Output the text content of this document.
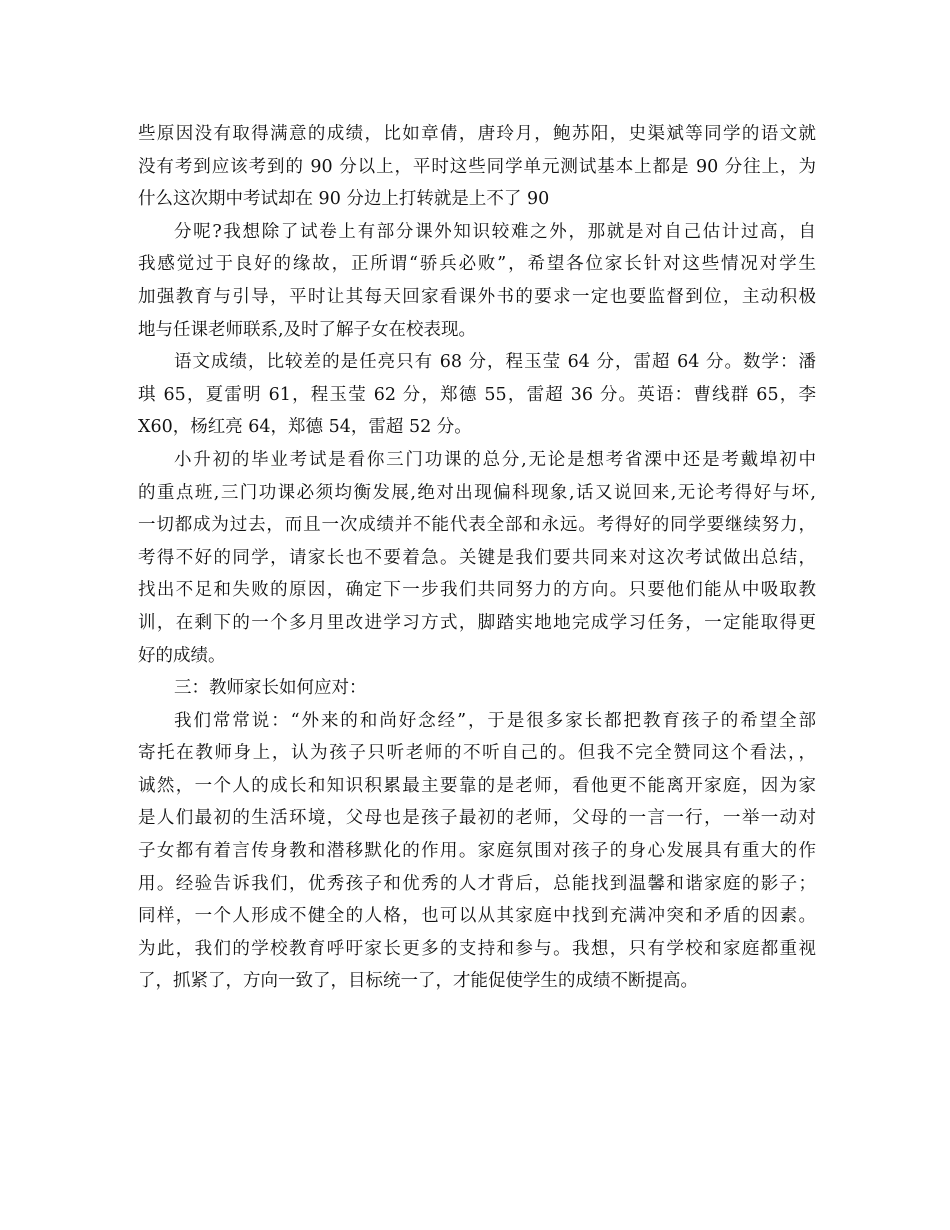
些原因没有取得满意的成绩，比如章倩，唐玲月，鲍苏阳，史渠斌等同学的语文就
没有考到应该考到的 90 分以上，平时这些同学单元测试基本上都是 90 分往上，为
什么这次期中考试却在 90 分边上打转就是上不了 90
分呢?我想除了试卷上有部分课外知识较难之外，那就是对自己估计过高，自
我感觉过于良好的缘故，正所谓“骄兵必败”，希望各位家长针对这些情况对学生
加强教育与引导，平时让其每天回家看课外书的要求一定也要监督到位，主动积极
地与任课老师联系,及时了解子女在校表现。
语文成绩，比较差的是任亮只有 68 分，程玉莹 64 分，雷超 64 分。数学：潘
琪 65，夏雷明 61，程玉莹 62 分，郑德 55，雷超 36 分。英语：曹线群 65，李
X60，杨红亮 64，郑德 54，雷超 52 分。
小升初的毕业考试是看你三门功课的总分,无论是想考省溧中还是考戴埠初中
的重点班,三门功课必须均衡发展,绝对出现偏科现象,话又说回来,无论考得好与坏,
一切都成为过去，而且一次成绩并不能代表全部和永远。考得好的同学要继续努力，
考得不好的同学，请家长也不要着急。关键是我们要共同来对这次考试做出总结，
找出不足和失败的原因，确定下一步我们共同努力的方向。只要他们能从中吸取教
训，在剩下的一个多月里改进学习方式，脚踏实地地完成学习任务，一定能取得更
好的成绩。
三：教师家长如何应对：
我们常常说：“外来的和尚好念经”，于是很多家长都把教育孩子的希望全部
寄托在教师身上，认为孩子只听老师的不听自己的。但我不完全赞同这个看法，，
诚然，一个人的成长和知识积累最主要靠的是老师，看他更不能离开家庭，因为家
是人们最初的生活环境，父母也是孩子最初的老师，父母的一言一行，一举一动对
子女都有着言传身教和潜移默化的作用。家庭氛围对孩子的身心发展具有重大的作
用。经验告诉我们，优秀孩子和优秀的人才背后，总能找到温馨和谐家庭的影子；
同样，一个人形成不健全的人格，也可以从其家庭中找到充满冲突和矛盾的因素。
为此，我们的学校教育呼吁家长更多的支持和参与。我想，只有学校和家庭都重视
了，抓紧了，方向一致了，目标统一了，才能促使学生的成绩不断提高。
